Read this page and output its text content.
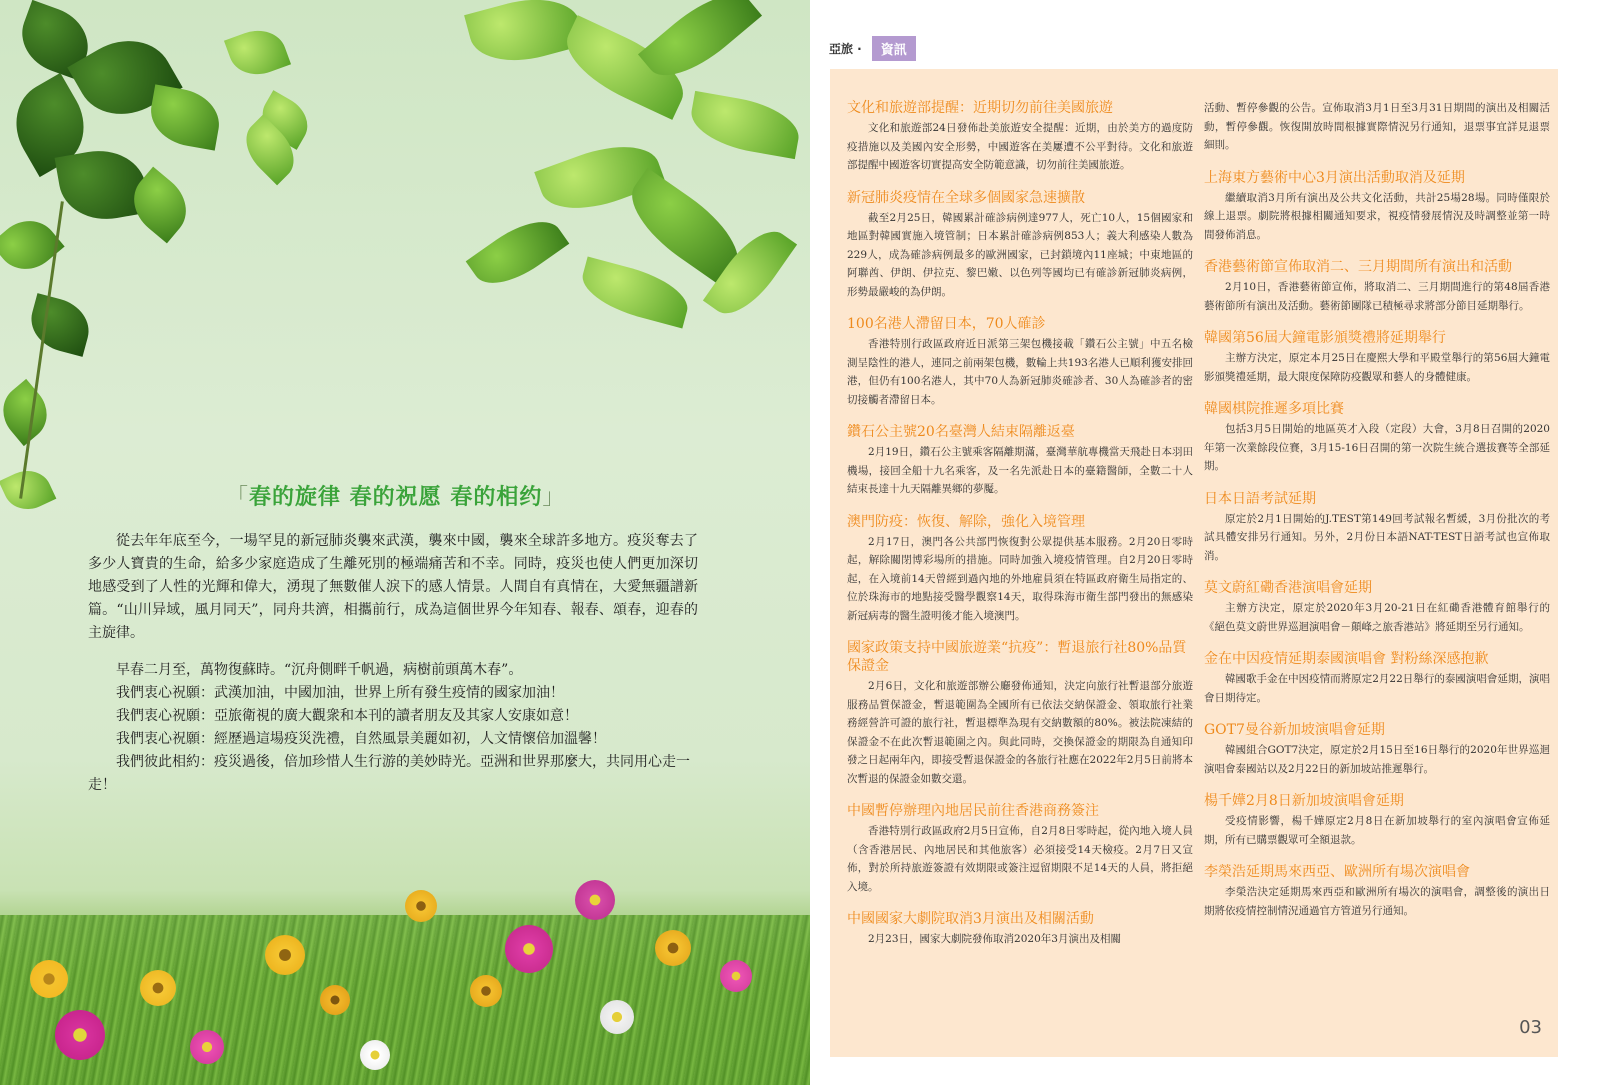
「春的旋律 春的祝愿 春的相约」

從去年年底至今，一場罕見的新冠肺炎襲來武漢，襲來中國，襲來全球許多地方。疫災奪去了多少人寶貴的生命，給多少家庭造成了生離死別的極端痛苦和不幸。同時，疫災也使人們更加深切地感受到了人性的光輝和偉大，湧現了無數催人淚下的感人情景。人間自有真情在，大愛無疆譜新篇。“山川异域，風月同天”，同舟共濟，相攜前行，成為這個世界今年知春、報春、頌春，迎春的主旋律。

早春二月至，萬物復蘇時。“沉舟側畔千帆過，病樹前頭萬木春”。
我們衷心祝願：武漢加油，中國加油，世界上所有發生疫情的國家加油！
我們衷心祝願：亞旅衛視的廣大觀衆和本刊的讀者朋友及其家人安康如意！
我們衷心祝願：經歷過這場疫災洗禮，自然風景美麗如初，人文情懷倍加溫馨！
我們彼此相約：疫災過後，倍加珍惜人生行游的美妙時光。亞洲和世界那麼大，共同用心走一走！
亞旅 ·	資訊
文化和旅遊部提醒：近期切勿前往美國旅遊

文化和旅遊部24日發佈赴美旅遊安全提醒：近期，由於美方的過度防疫措施以及美國內安全形勢，中國遊客在美屢遭不公平對待。文化和旅遊部提醒中國遊客切實提高安全防範意識，切勿前往美國旅遊。

新冠肺炎疫情在全球多個國家急速擴散

截至2月25日，韓國累計確診病例達977人，死亡10人，15個國家和地區對韓國實施入境管制；日本累計確診病例853人；義大利感染人數為229人，成為確診病例最多的歐洲國家，已封鎖境內11座城；中東地區的阿聯酋、伊朗、伊拉克、黎巴嫩、以色列等國均已有確診新冠肺炎病例，形勢最嚴峻的為伊朗。

100名港人滯留日本，70人確診

香港特別行政區政府近日派第三架包機接載「鑽石公主號」中五名檢測呈陰性的港人，連同之前兩架包機，數輪上共193名港人已順利獲安排回港，但仍有100名港人，其中70人為新冠肺炎確診者、30人為確診者的密切接觸者滯留日本。

鑽石公主號20名臺灣人結束隔離返臺

2月19日，鑽石公主號乘客隔離期滿，臺灣華航專機當天飛赴日本羽田機場，接回全船十九名乘客，及一名先派赴日本的臺籍醫師，全數二十人結束長達十九天隔離異鄉的夢魘。

澳門防疫：恢復、解除，強化入境管理

2月17日，澳門各公共部門恢復對公眾提供基本服務。2月20日零時起，解除關閉博彩場所的措施。同時加強入境疫情管理。自2月20日零時起，在入境前14天曾經到過內地的外地雇員須在特區政府衛生局指定的、位於珠海市的地點接受醫學觀察14天，取得珠海市衛生部門發出的無感染新冠病毒的醫生證明後才能入境澳門。

國家政策支持中國旅遊業“抗疫”：暫退旅行社80%品質保證金

2月6日，文化和旅遊部辦公廳發佈通知，決定向旅行社暫退部分旅遊服務品質保證金，暫退範圍為全國所有已依法交納保證金、領取旅行社業務經營許可證的旅行社，暫退標準為現有交納數額的80%。被法院凍結的保證金不在此次暫退範圍之內。與此同時，交換保證金的期限為自通知印發之日起兩年內，即接受暫退保證金的各旅行社應在2022年2月5日前將本次暫退的保證金如數交還。

中國暫停辦理內地居民前往香港商務簽注

香港特別行政區政府2月5日宣佈，自2月8日零時起，從內地入境人員（含香港居民、內地居民和其他旅客）必須接受14天檢疫。2月7日又宣佈，對於所持旅遊簽證有效期限或簽注逗留期限不足14天的人員，將拒絕入境。

中國國家大劇院取消3月演出及相關活動

2月23日，國家大劇院發佈取消2020年3月演出及相關

活動、暫停參觀的公告。宣佈取消3月1日至3月31日期間的演出及相關活動，暫停參觀。恢復開放時間根據實際情況另行通知，退票事宜詳見退票細則。

上海東方藝術中心3月演出活動取消及延期

繼續取消3月所有演出及公共文化活動，共計25場28場。同時僅限於線上退票。劇院將根據相關通知要求，視疫情發展情況及時調整並第一時間發佈消息。

香港藝術節宣佈取消二、三月期間所有演出和活動

2月10日，香港藝術節宣佈，將取消二、三月期間進行的第48屆香港藝術節所有演出及活動。藝術節團隊已積極尋求將部分節目延期舉行。

韓國第56屆大鐘電影頒獎禮將延期舉行

主辦方決定，原定本月25日在慶熙大學和平殿堂舉行的第56屆大鐘電影頒獎禮延期，最大限度保障防疫觀眾和藝人的身體健康。

韓國棋院推遲多項比賽

包括3月5日開始的地區英才入段（定段）大會，3月8日召開的2020年第一次業餘段位賽，3月15-16日召開的第一次院生統合選拔賽等全部延期。

日本日語考試延期

原定於2月1日開始的J.TEST第149回考試報名暫緩，3月份批次的考試具體安排另行通知。另外，2月份日本語NAT-TEST日語考試也宣佈取消。

莫文蔚紅磡香港演唱會延期

主辦方決定，原定於2020年3月20-21日在紅磡香港體育館舉行的《絕色莫文蔚世界巡迴演唱會－顛峰之旅香港站》將延期至另行通知。

金在中因疫情延期泰國演唱會 對粉絲深感抱歉

韓國歌手金在中因疫情而將原定2月22日舉行的泰國演唱會延期，演唱會日期待定。

GOT7曼谷新加坡演唱會延期

韓國組合GOT7決定，原定於2月15日至16日舉行的2020年世界巡迴演唱會泰國站以及2月22日的新加坡站推遲舉行。

楊千嬅2月8日新加坡演唱會延期

受疫情影響，楊千嬅原定2月8日在新加坡舉行的室內演唱會宣佈延期，所有已購票觀眾可全額退款。

李榮浩延期馬來西亞、歐洲所有場次演唱會

李榮浩決定延期馬來西亞和歐洲所有場次的演唱會，調整後的演出日期將依疫情控制情況通過官方管道另行通知。

03
